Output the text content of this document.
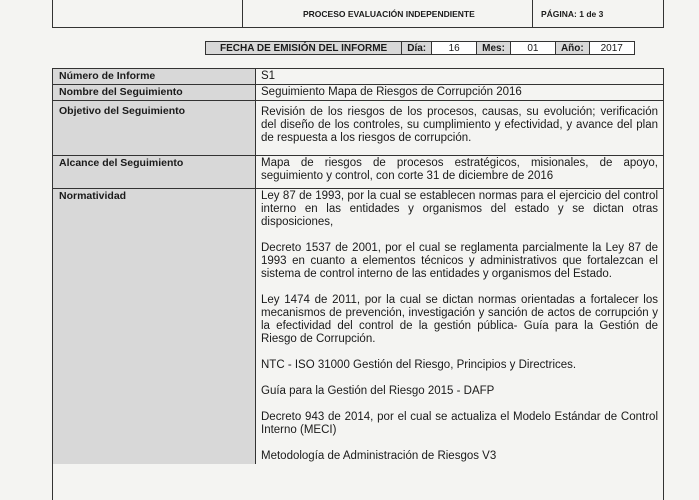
PROCESO EVALUACIÓN INDEPENDIENTE	PÁGINA: 1 de 3
FECHA DE EMISIÓN DEL INFORME	Día:	16	Mes:	01	Año:	2017
Número de Informe	S1
Nombre del Seguimiento	Seguimiento Mapa de Riesgos de Corrupción 2016
Objetivo del Seguimiento	Revisión de los riesgos de los procesos, causas, su evolución; verificación del diseño de los controles, su cumplimiento y efectividad, y avance del plan de respuesta a los riesgos de corrupción.
Alcance del Seguimiento	Mapa de riesgos de procesos estratégicos, misionales, de apoyo, seguimiento y control, con corte 31 de diciembre de 2016
Normatividad	Ley 87 de 1993, por la cual se establecen normas para el ejercicio del control interno en las entidades y organismos del estado y se dictan otras disposiciones,

Decreto 1537 de 2001, por el cual se reglamenta parcialmente la Ley 87 de 1993 en cuanto a elementos técnicos y administrativos que fortalezcan el sistema de control interno de las entidades y organismos del Estado.

Ley 1474 de 2011, por la cual se dictan normas orientadas a fortalecer los mecanismos de prevención, investigación y sanción de actos de corrupción y la efectividad del control de la gestión pública- Guía para la Gestión de Riesgo de Corrupción.

NTC - ISO 31000 Gestión del Riesgo, Principios y Directrices.

Guía para la Gestión del Riesgo 2015 - DAFP

Decreto 943 de 2014, por el cual se actualiza el Modelo Estándar de Control Interno (MECI)

Metodología de Administración de Riesgos V3
